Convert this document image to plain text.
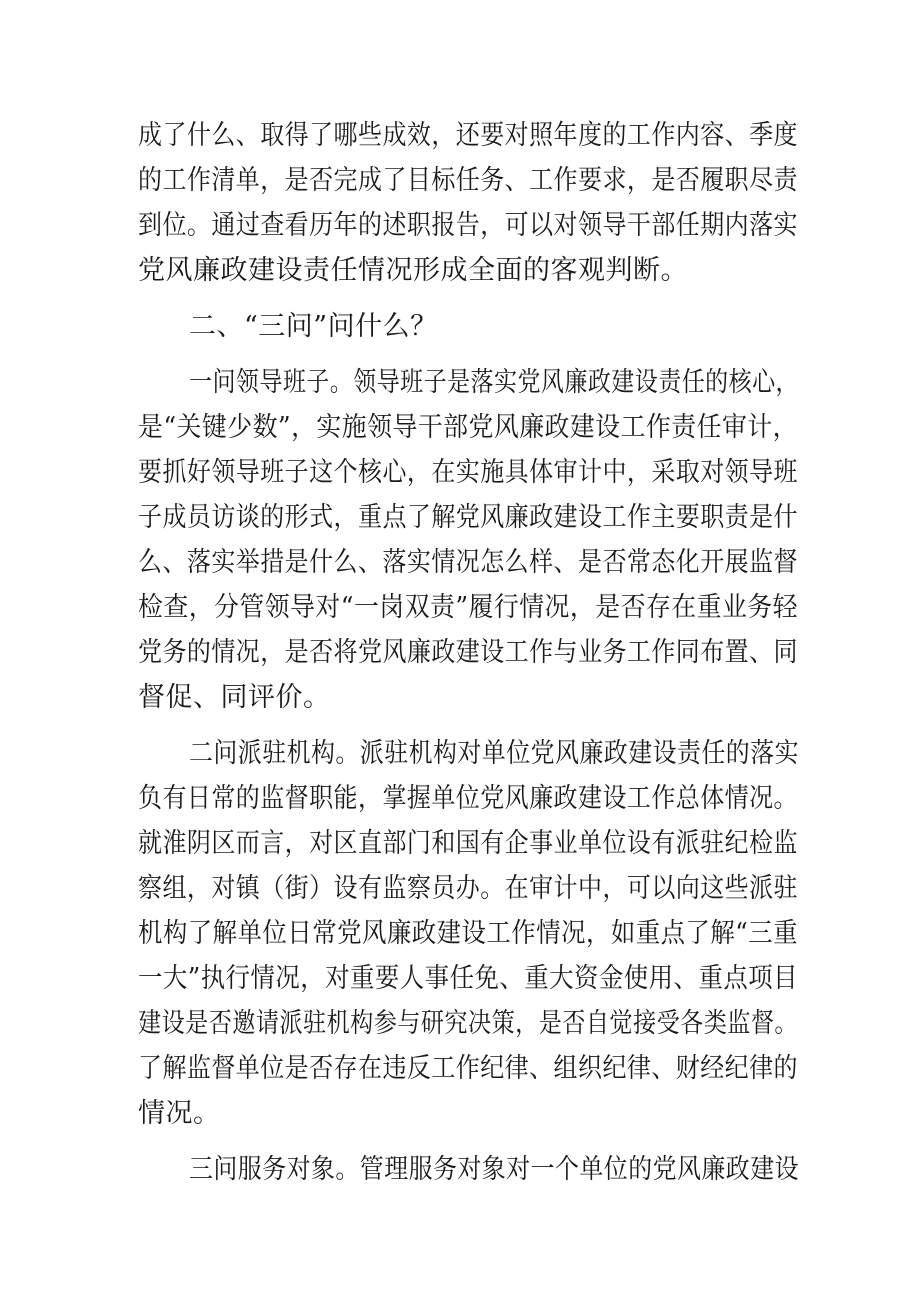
成了什么、取得了哪些成效，还要对照年度的工作内容、季度
的工作清单，是否完成了目标任务、工作要求，是否履职尽责
到位。通过查看历年的述职报告，可以对领导干部任期内落实
党风廉政建设责任情况形成全面的客观判断。
二、“三问”问什么？
一问领导班子。领导班子是落实党风廉政建设责任的核心，
是“关键少数”，实施领导干部党风廉政建设工作责任审计，
要抓好领导班子这个核心，在实施具体审计中，采取对领导班
子成员访谈的形式，重点了解党风廉政建设工作主要职责是什
么、落实举措是什么、落实情况怎么样、是否常态化开展监督
检查，分管领导对“一岗双责”履行情况，是否存在重业务轻
党务的情况，是否将党风廉政建设工作与业务工作同布置、同
督促、同评价。
二问派驻机构。派驻机构对单位党风廉政建设责任的落实
负有日常的监督职能，掌握单位党风廉政建设工作总体情况。
就淮阴区而言，对区直部门和国有企事业单位设有派驻纪检监
察组，对镇（街）设有监察员办。在审计中，可以向这些派驻
机构了解单位日常党风廉政建设工作情况，如重点了解“三重
一大”执行情况，对重要人事任免、重大资金使用、重点项目
建设是否邀请派驻机构参与研究决策，是否自觉接受各类监督。
了解监督单位是否存在违反工作纪律、组织纪律、财经纪律的
情况。
三问服务对象。管理服务对象对一个单位的党风廉政建设
